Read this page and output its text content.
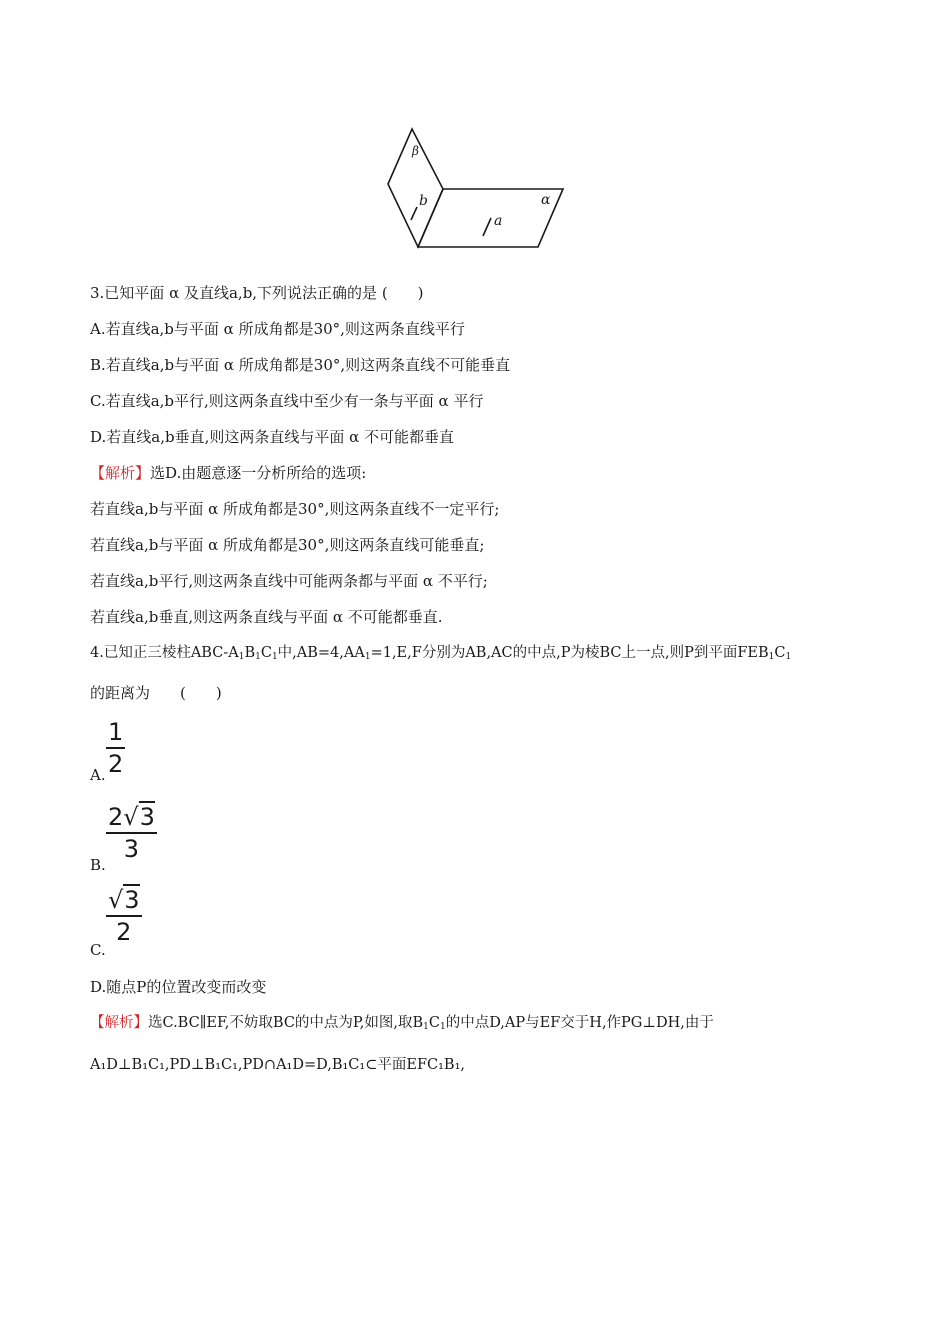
β
b	α
a
3.已知平面 α 及直线a,b,下列说法正确的是 (　　)
A.若直线a,b与平面 α 所成角都是30°,则这两条直线平行
B.若直线a,b与平面 α 所成角都是30°,则这两条直线不可能垂直
C.若直线a,b平行,则这两条直线中至少有一条与平面 α 平行
D.若直线a,b垂直,则这两条直线与平面 α 不可能都垂直
【解析】选D.由题意逐一分析所给的选项:
若直线a,b与平面 α 所成角都是30°,则这两条直线不一定平行;
若直线a,b与平面 α 所成角都是30°,则这两条直线可能垂直;
若直线a,b平行,则这两条直线中可能两条都与平面 α 不平行;
若直线a,b垂直,则这两条直线与平面 α 不可能都垂直.
4.已知正三棱柱ABC-$A_1B_1C_1$中$,AB=4,AA_1=1,E,F$分别为AB,AC的中点,P为棱BC上一点,则P到平面$FEB_1C_1$
的距离为　　(　　)
$\frac{1}{2}$
A.
$\frac{2√3}{3}$
B.
$\frac{√3}{2}$
C.
D.随点P的位置改变而改变
【解析】选C.BC∥EF,不妨取BC的中点为P,如图,取$B_1C_1$的中点D,AP与EF交于H,作PG⊥DH,由于
A₁D⊥B₁C₁,PD⊥B₁C₁,PD∩A₁D=D,B₁C₁⊂平面EFC₁B₁,
